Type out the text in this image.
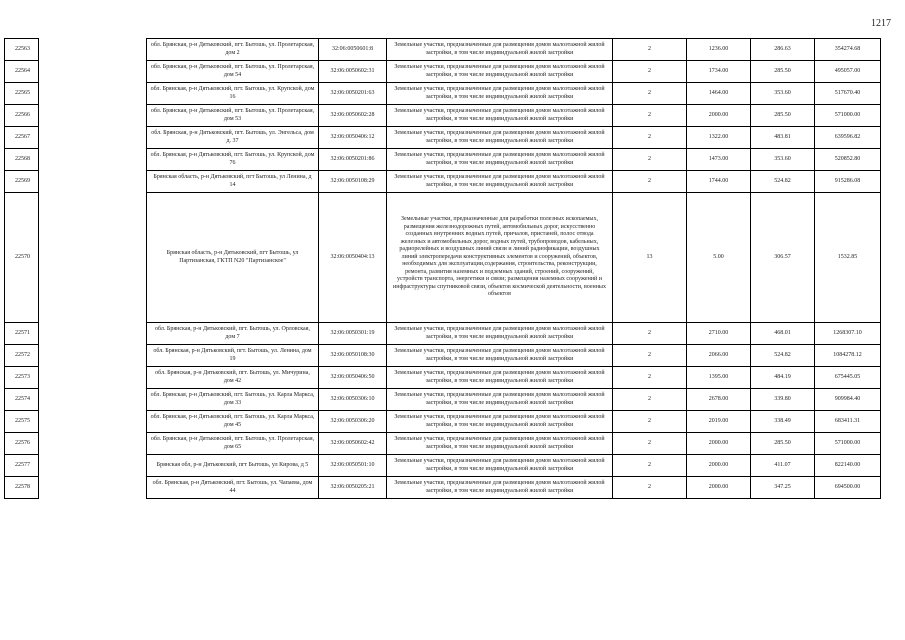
1217
22563		обл. Брянская, р-н Дятьковский, пгт. Бытошь, ул. Пролетарская, дом 2	32:06:0050601:8	Земельные участки, предназначенные для размещения домов малоэтажной жилой застройки, в том числе индивидуальной жилой застройки	2	1236.00	286.63	354274.68
22564		обл. Брянская, р-н Дятьковский, пгт. Бытошь, ул. Пролетарская, дом 54	32:06:0050602:31	Земельные участки, предназначенные для размещения домов малоэтажной жилой застройки, в том числе индивидуальной жилой застройки	2	1734.00	285.50	495057.00
22565		обл. Брянская, р-н Дятьковский, пгт. Бытошь, ул. Крупской, дом 16	32:06:0050201:63	Земельные участки, предназначенные для размещения домов малоэтажной жилой застройки, в том числе индивидуальной жилой застройки	2	1464.00	353.60	517670.40
22566		обл. Брянская, р-н Дятьковский, пгт. Бытошь, ул. Пролетарская, дом 53	32:06:0050602:28	Земельные участки, предназначенные для размещения домов малоэтажной жилой застройки, в том числе индивидуальной жилой застройки	2	2000.00	285.50	571000.00
22567		обл. Брянская, р-н Дятьковский, пгт. Бытошь, ул. Энгельса, дом д. 37	32:06:0050406:12	Земельные участки, предназначенные для размещения домов малоэтажной жилой застройки, в том числе индивидуальной жилой застройки	2	1322.00	483.81	639596.82
22568		обл. Брянская, р-н Дятьковский, пгт. Бытошь, ул. Крупской, дом 76	32:06:0050201:86	Земельные участки, предназначенные для размещения домов малоэтажной жилой застройки, в том числе индивидуальной жилой застройки	2	1473.00	353.60	520852.80
22569		Брянская область, р-н Дятьковский, пгт Бытошь, ул Ленина, д 14	32:06:0050108:29	Земельные участки, предназначенные для размещения домов малоэтажной жилой застройки, в том числе индивидуальной жилой застройки	2	1744.00	524.82	915286.08
22570		Брянская область, р-н Дятьковский, пгт Бытошь, ул Партизанская, ГКТП N20 "Партизанское"	32:06:0050404:13	Земельные участки, предназначенные для разработки полезных ископаемых, размещения железнодорожных путей, автомобильных дорог, искусственно созданных внутренних водных путей, причалов, пристаней, полос отвода железных и автомобильных дорог, водных путей, трубопроводов, кабельных, радиорелейных и воздушных линий связи и линий радиофикации, воздушных линий электропередачи конструктивных элементов и сооружений, объектов, необходимых для эксплуатации,содержания, строительства, реконструкции, ремонта, развития наземных и подземных зданий, строений, сооружений, устройств транспорта, энергетики и связи; размещения наземных сооружений и инфраструктуры спутниковой связи, объектов космической деятельности, военных объектов	13	5.00	306.57	1532.85
22571		обл. Брянская, р-н Дятьковский, пгт. Бытошь, ул. Орловская, дом 7	32:06:0050301:19	Земельные участки, предназначенные для размещения домов малоэтажной жилой застройки, в том числе индивидуальной жилой застройки	2	2710.00	468.01	1268307.10
22572		обл. Брянская, р-н Дятьковский, пгт. Бытошь, ул. Ленина, дом 19	32:06:0050108:30	Земельные участки, предназначенные для размещения домов малоэтажной жилой застройки, в том числе индивидуальной жилой застройки	2	2066.00	524.82	1084278.12
22573		обл. Брянская, р-н Дятьковский, пгт. Бытошь, ул. Мичурина, дом 42	32:06:0050406:50	Земельные участки, предназначенные для размещения домов малоэтажной жилой застройки, в том числе индивидуальной жилой застройки	2	1395.00	484.19	675445.05
22574		обл. Брянская, р-н Дятьковский, пгт. Бытошь, ул. Карла Маркса, дом 33	32:06:0050306:10	Земельные участки, предназначенные для размещения домов малоэтажной жилой застройки, в том числе индивидуальной жилой застройки	2	2678.00	339.80	909984.40
22575		обл. Брянская, р-н Дятьковский, пгт. Бытошь, ул. Карла Маркса, дом 45	32:06:0050306:20	Земельные участки, предназначенные для размещения домов малоэтажной жилой застройки, в том числе индивидуальной жилой застройки	2	2019.00	338.49	683411.31
22576		обл. Брянская, р-н Дятьковский, пгт. Бытошь, ул. Пролетарская, дом 65	32:06:0050602:42	Земельные участки, предназначенные для размещения домов малоэтажной жилой застройки, в том числе индивидуальной жилой застройки	2	2000.00	285.50	571000.00
22577		Брянская обл, р-н Дятьковский, пгт Бытошь, ул Кирова, д 5	32:06:0050501:10	Земельные участки, предназначенные для размещения домов малоэтажной жилой застройки, в том числе индивидуальной жилой застройки	2	2000.00	411.07	822140.00
22578		обл. Брянская, р-н Дятьковский, пгт. Бытошь, ул. Чапаева, дом 44	32:06:0050205:21	Земельные участки, предназначенные для размещения домов малоэтажной жилой застройки, в том числе индивидуальной жилой застройки	2	2000.00	347.25	694500.00
